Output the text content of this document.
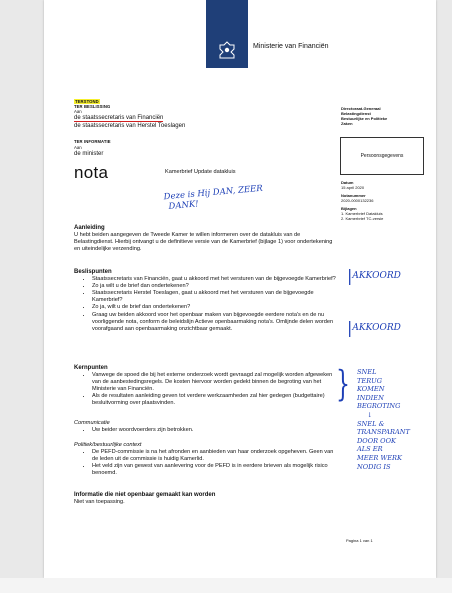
Ministerie van Financiën
TERSTOND
TER BESLISSING
Aan
de staatssecretaris van Financiën
de staatssecretaris van Herstel Toeslagen
TER INFORMATIE
Aan
de minister
nota	Kamerbrief Update datakluis
Directoraat-Generaal
Belastingdienst
Bestuurlijke en Politieke
Zaken
Persoonsgegevens
Datum
15 april 2020
Notanummer
2020-0000132236
Bijlagen
1. Kamerbrief Datakluis
2. Kamerbrief TC-versie
Aanleiding
U hebt beiden aangegeven de Tweede Kamer te willen informeren over de datakluis van de Belastingdienst. Hierbij ontvangt u de definitieve versie van de Kamerbrief (bijlage 1) voor ondertekening en uiteindelijke verzending.
Beslispunten
• Staatssecretaris van Financiën, gaat u akkoord met het versturen van de bijgevoegde Kamerbrief?
• Zo ja wilt u de brief dan ondertekenen?
• Staatssecretaris Herstel Toeslagen, gaat u akkoord met het versturen van de bijgevoegde Kamerbrief?
• Zo ja, wilt u de brief dan ondertekenen?
• Graag uw beiden akkoord voor het openbaar maken van bijgevoegde eerdere nota's en de nu voorliggende nota, conform de beleidslijn Actieve openbaarmaking nota's. Omlijnde delen worden voorafgaand aan openbaarmaking onzichtbaar gemaakt.
Kernpunten
• Vanwege de spoed die bij het externe onderzoek wordt gevraagd zal mogelijk worden afgeweken van de aanbestedingsregels. De kosten hiervoor worden gedekt binnen de begroting van het Ministerie van Financiën.
• Als de resultaten aanleiding geven tot verdere werkzaamheden zal hier gedegen (budgettaire) besluitvorming over plaatsvinden.
Communicatie
• Uw beider woordvoerders zijn betrokken.
Politiek/bestuurlijke context
• De PEFD-commissie is na het afronden en aanbieden van haar onderzoek opgeheven. Geen van de leden uit de commissie is huidig Kamerlid.
• Het veld zijn van gewest van aanlevering voor de PEFD is in eerdere brieven als mogelijk risico benoemd.
Informatie die niet openbaar gemaakt kan worden
Niet van toepassing.
Pagina 1 van 1
Deze is Hij DAN, ZEER
DANK!
|AKKOORD
|AKKOORD
} SNEL
TERUG
KOMEN
INDIEN
BEGROTING
↓
SNEL &
TRANSPARANT
DOOR OOK
ALS ER
MEER WERK
NODIG IS
